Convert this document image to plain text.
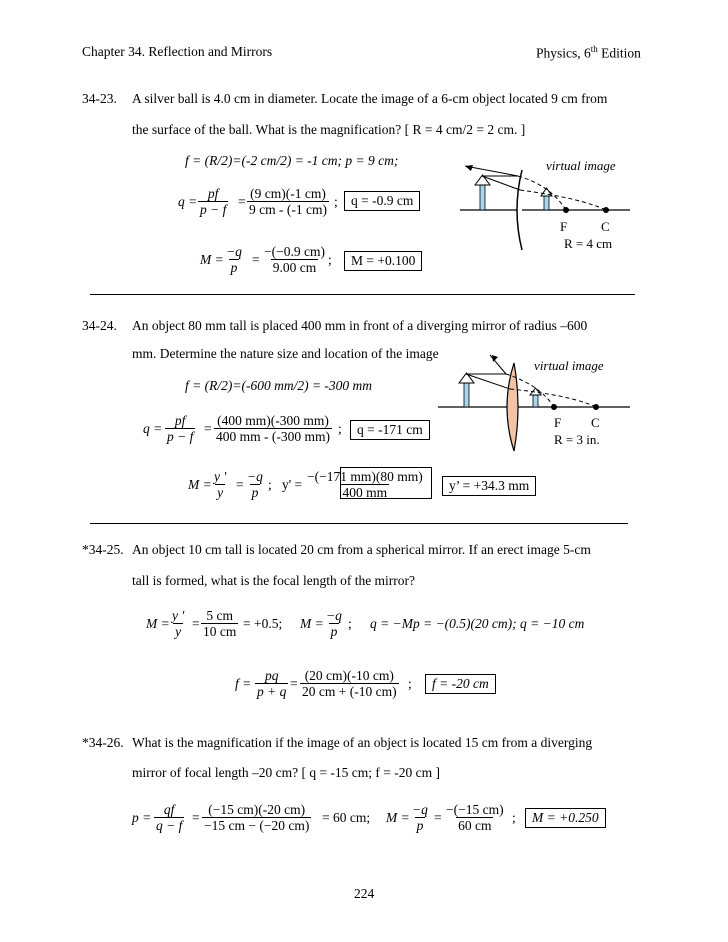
Chapter 34. Reflection and Mirrors	Physics, 6th Edition
34-23. A silver ball is 4.0 cm in diameter. Locate the image of a 6-cm object located 9 cm from
the surface of the ball. What is the magnification? [ R = 4 cm/2 = 2 cm. ]
f = (R/2)=(-2 cm/2) = -1 cm; p = 9 cm;
$q = \frac{pf}{p - f} = \frac{(9 cm)(-1 cm)}{9 cm - (-1 cm)}$ ; q = -0.9 cm
$M = \frac{-q}{p} = \frac{-(-0.9 cm)}{9.00 cm}$ ;	M = +0.100
virtual image
F	C
R = 4 cm
34-24. An object 80 mm tall is placed 400 mm in front of a diverging mirror of radius –600
mm. Determine the nature size and location of the image
f = (R/2)=(-600 mm/2) = -300 mm
$q = \frac{pf}{p - f} = \frac{(400 mm)(-300 mm)}{400 mm - (-300 mm)}$ ;	q = -171 cm
$M = \frac{y '}{y} = \frac{-q}{p}$ ; $y' = \frac{-(-171 mm)(80 mm)}{400 mm}$	y’ = +34.3 mm
virtual image
F C
R = 3 in.
*34-25. An object 10 cm tall is located 20 cm from a spherical mirror. If an erect image 5-cm
tall is formed, what is the focal length of the mirror?
$M = \frac{y '}{y} = \frac{5 cm}{10 cm} = +0.5$; $M = \frac{-q}{p}$ ; q = −Mp = −(0.5)(20 cm); q = −10 cm
$f = \frac{pq}{p + q} = \frac{(20 cm)(-10 cm)}{20 cm + (-10 cm)}$ ;	f = -20 cm
*34-26. What is the magnification if the image of an object is located 15 cm from a diverging
mirror of focal length –20 cm? [ q = -15 cm; f = -20 cm ]
$p = \frac{qf}{q - f} = \frac{(-15 cm)(-20 cm)}{-15 cm - (-20 cm)} = 60$ cm; $M = \frac{-q}{p} = \frac{-(-15 cm)}{60 cm}$ ;	M = +0.250
224
